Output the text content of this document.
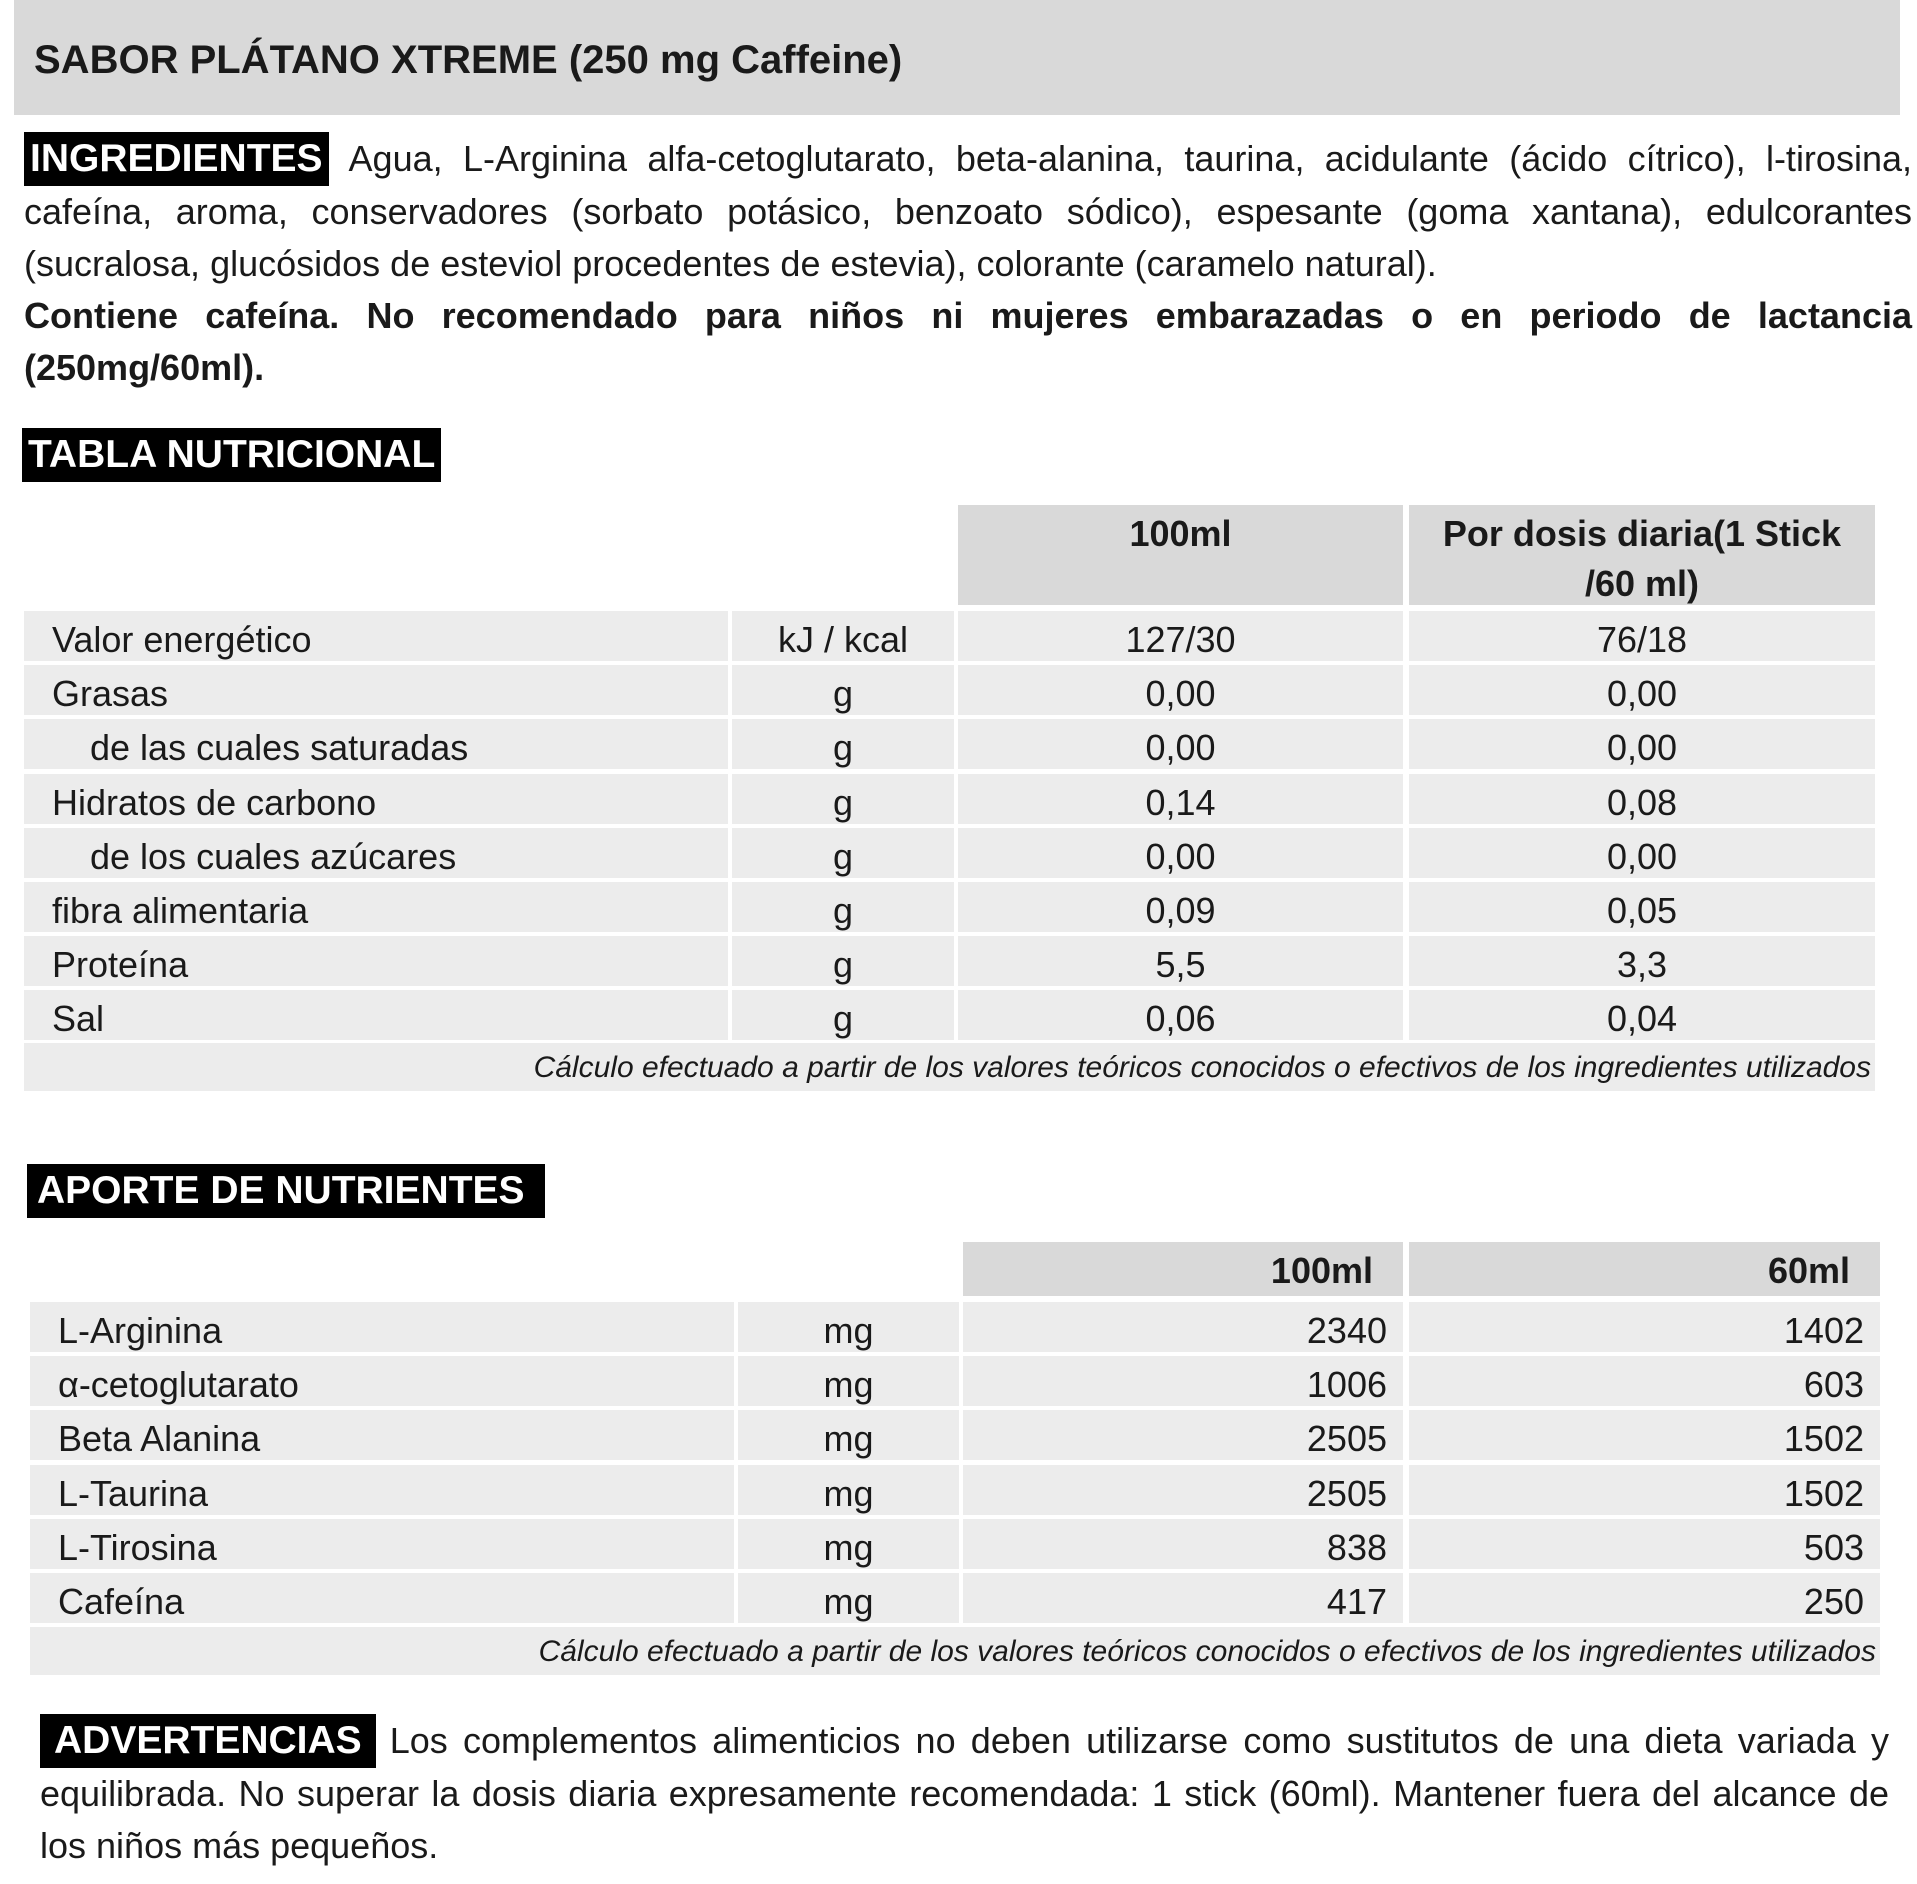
SABOR PLÁTANO XTREME (250 mg Caffeine)
INGREDIENTES Agua, L-Arginina alfa-cetoglutarato, beta-alanina, taurina, acidulante (ácido cítrico), l-tirosina, cafeína, aroma, conservadores (sorbato potásico, benzoato sódico), espesante (goma xantana), edulcorantes (sucralosa, glucósidos de esteviol procedentes de estevia), colorante (caramelo natural).
Contiene cafeína. No recomendado para niños ni mujeres embarazadas o en periodo de lactancia (250mg/60ml).
TABLA NUTRICIONAL
100ml	Por dosis diaria(1 Stick /60 ml)
Valor energético	kJ / kcal	127/30	76/18
Grasas	g	0,00	0,00
de las cuales saturadas	g	0,00	0,00
Hidratos de carbono	g	0,14	0,08
de los cuales azúcares	g	0,00	0,00
fibra alimentaria	g	0,09	0,05
Proteína	g	5,5	3,3
Sal	g	0,06	0,04
Cálculo efectuado a partir de los valores teóricos conocidos o efectivos de los ingredientes utilizados
APORTE DE NUTRIENTES
100ml	60ml
L-Arginina	mg	2340	1402
α-cetoglutarato	mg	1006	603
Beta Alanina	mg	2505	1502
L-Taurina	mg	2505	1502
L-Tirosina	mg	838	503
Cafeína	mg	417	250
Cálculo efectuado a partir de los valores teóricos conocidos o efectivos de los ingredientes utilizados
ADVERTENCIAS Los complementos alimenticios no deben utilizarse como sustitutos de una dieta variada y equilibrada. No superar la dosis diaria expresamente recomendada: 1 stick (60ml). Mantener fuera del alcance de los niños más pequeños.
